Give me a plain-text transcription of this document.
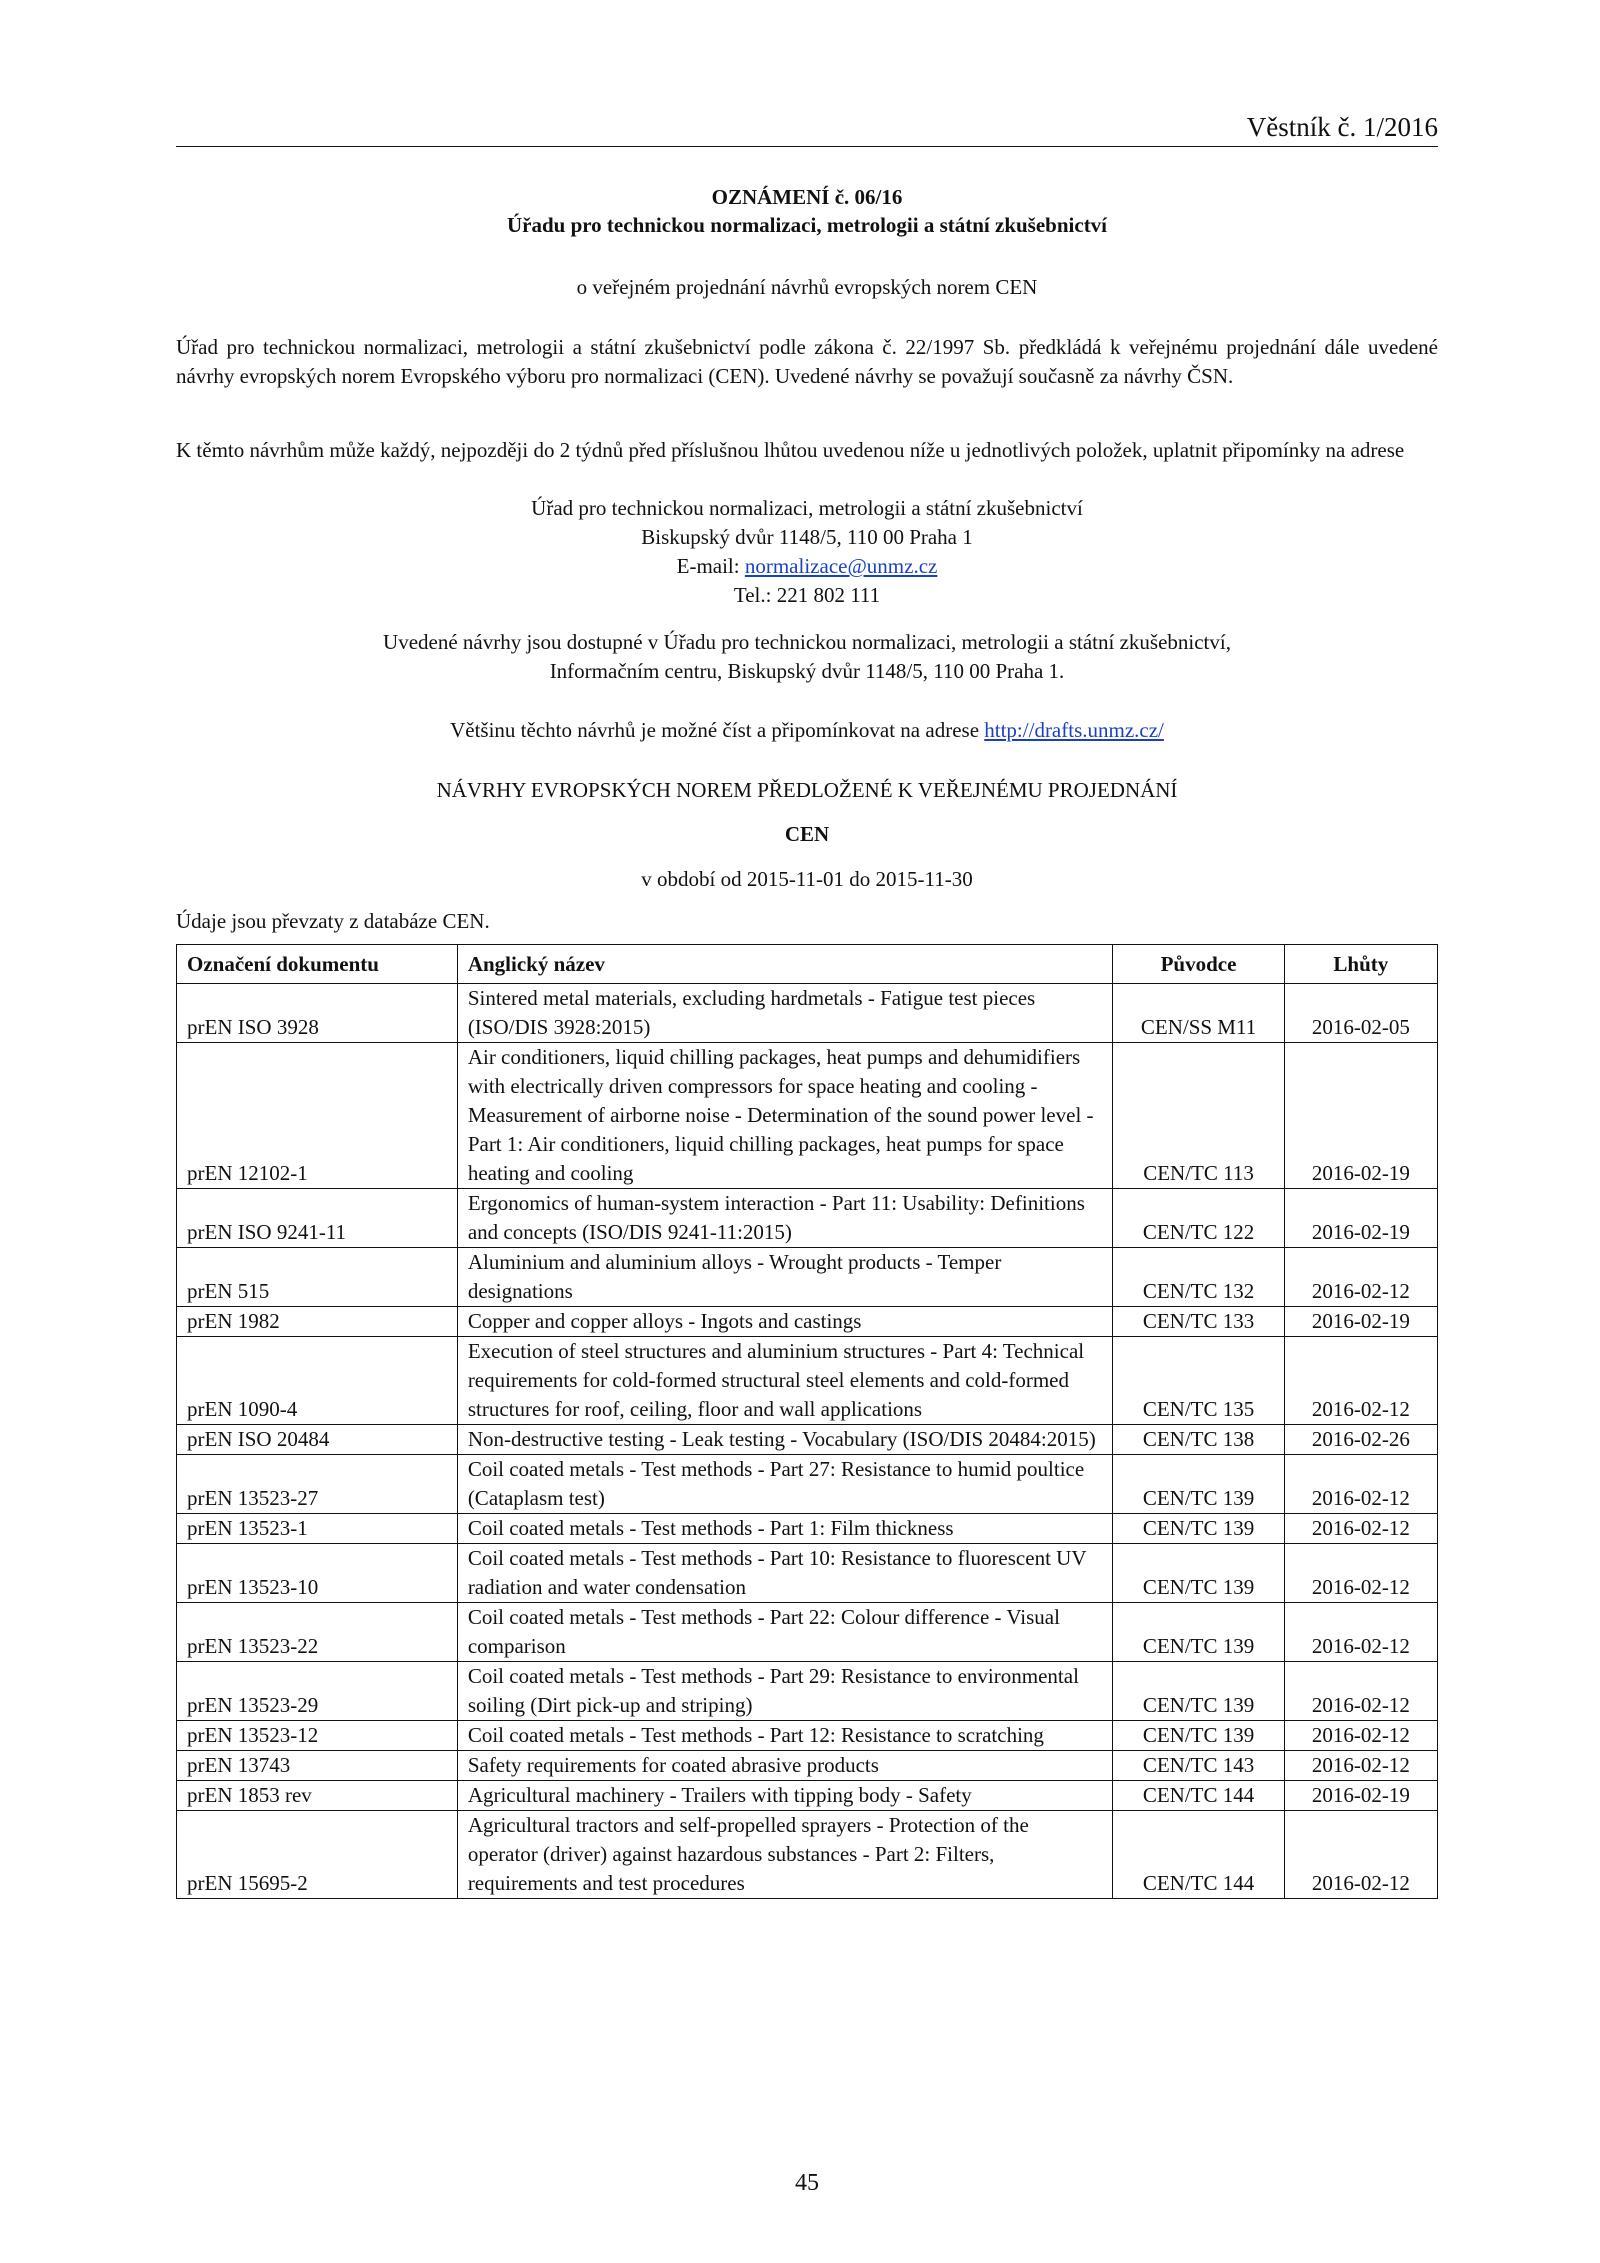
Věstník č. 1/2016
OZNÁMENÍ č. 06/16
Úřadu pro technickou normalizaci, metrologii a státní zkušebnictví
o veřejném projednání návrhů evropských norem CEN
Úřad pro technickou normalizaci, metrologii a státní zkušebnictví podle zákona č. 22/1997 Sb. předkládá k veřejnému projednání dále uvedené návrhy evropských norem Evropského výboru pro normalizaci (CEN). Uvedené návrhy se považují současně za návrhy ČSN.
K těmto návrhům může každý, nejpozději do 2 týdnů před příslušnou lhůtou uvedenou níže u jednotlivých položek, uplatnit připomínky na adrese
Úřad pro technickou normalizaci, metrologii a státní zkušebnictví
Biskupský dvůr 1148/5, 110 00 Praha 1
E-mail: normalizace@unmz.cz
Tel.: 221 802 111
Uvedené návrhy jsou dostupné v Úřadu pro technickou normalizaci, metrologii a státní zkušebnictví,
Informačním centru, Biskupský dvůr 1148/5, 110 00 Praha 1.
Většinu těchto návrhů je možné číst a připomínkovat na adrese http://drafts.unmz.cz/
NÁVRHY EVROPSKÝCH NOREM PŘEDLOŽENÉ K VEŘEJNÉMU PROJEDNÁNÍ
CEN
v období od 2015-11-01 do 2015-11-30
Údaje jsou převzaty z databáze CEN.
Označení dokumentu	Anglický název	Původce	Lhůty
prEN ISO 3928	Sintered metal materials, excluding hardmetals - Fatigue test pieces (ISO/DIS 3928:2015)	CEN/SS M11	2016-02-05
prEN 12102-1	Air conditioners, liquid chilling packages, heat pumps and dehumidifiers with electrically driven compressors for space heating and cooling - Measurement of airborne noise - Determination of the sound power level - Part 1: Air conditioners, liquid chilling packages, heat pumps for space heating and cooling	CEN/TC 113	2016-02-19
prEN ISO 9241-11	Ergonomics of human-system interaction - Part 11: Usability: Definitions and concepts (ISO/DIS 9241-11:2015)	CEN/TC 122	2016-02-19
prEN 515	Aluminium and aluminium alloys - Wrought products - Temper designations	CEN/TC 132	2016-02-12
prEN 1982	Copper and copper alloys - Ingots and castings	CEN/TC 133	2016-02-19
prEN 1090-4	Execution of steel structures and aluminium structures - Part 4: Technical requirements for cold-formed structural steel elements and cold-formed structures for roof, ceiling, floor and wall applications	CEN/TC 135	2016-02-12
prEN ISO 20484	Non-destructive testing - Leak testing - Vocabulary (ISO/DIS 20484:2015)	CEN/TC 138	2016-02-26
prEN 13523-27	Coil coated metals - Test methods - Part 27: Resistance to humid poultice (Cataplasm test)	CEN/TC 139	2016-02-12
prEN 13523-1	Coil coated metals - Test methods - Part 1: Film thickness	CEN/TC 139	2016-02-12
prEN 13523-10	Coil coated metals - Test methods - Part 10: Resistance to fluorescent UV radiation and water condensation	CEN/TC 139	2016-02-12
prEN 13523-22	Coil coated metals - Test methods - Part 22: Colour difference - Visual comparison	CEN/TC 139	2016-02-12
prEN 13523-29	Coil coated metals - Test methods - Part 29: Resistance to environmental soiling (Dirt pick-up and striping)	CEN/TC 139	2016-02-12
prEN 13523-12	Coil coated metals - Test methods - Part 12: Resistance to scratching	CEN/TC 139	2016-02-12
prEN 13743	Safety requirements for coated abrasive products	CEN/TC 143	2016-02-12
prEN 1853 rev	Agricultural machinery - Trailers with tipping body - Safety	CEN/TC 144	2016-02-19
prEN 15695-2	Agricultural tractors and self-propelled sprayers - Protection of the operator (driver) against hazardous substances - Part 2: Filters, requirements and test procedures	CEN/TC 144	2016-02-12
45
